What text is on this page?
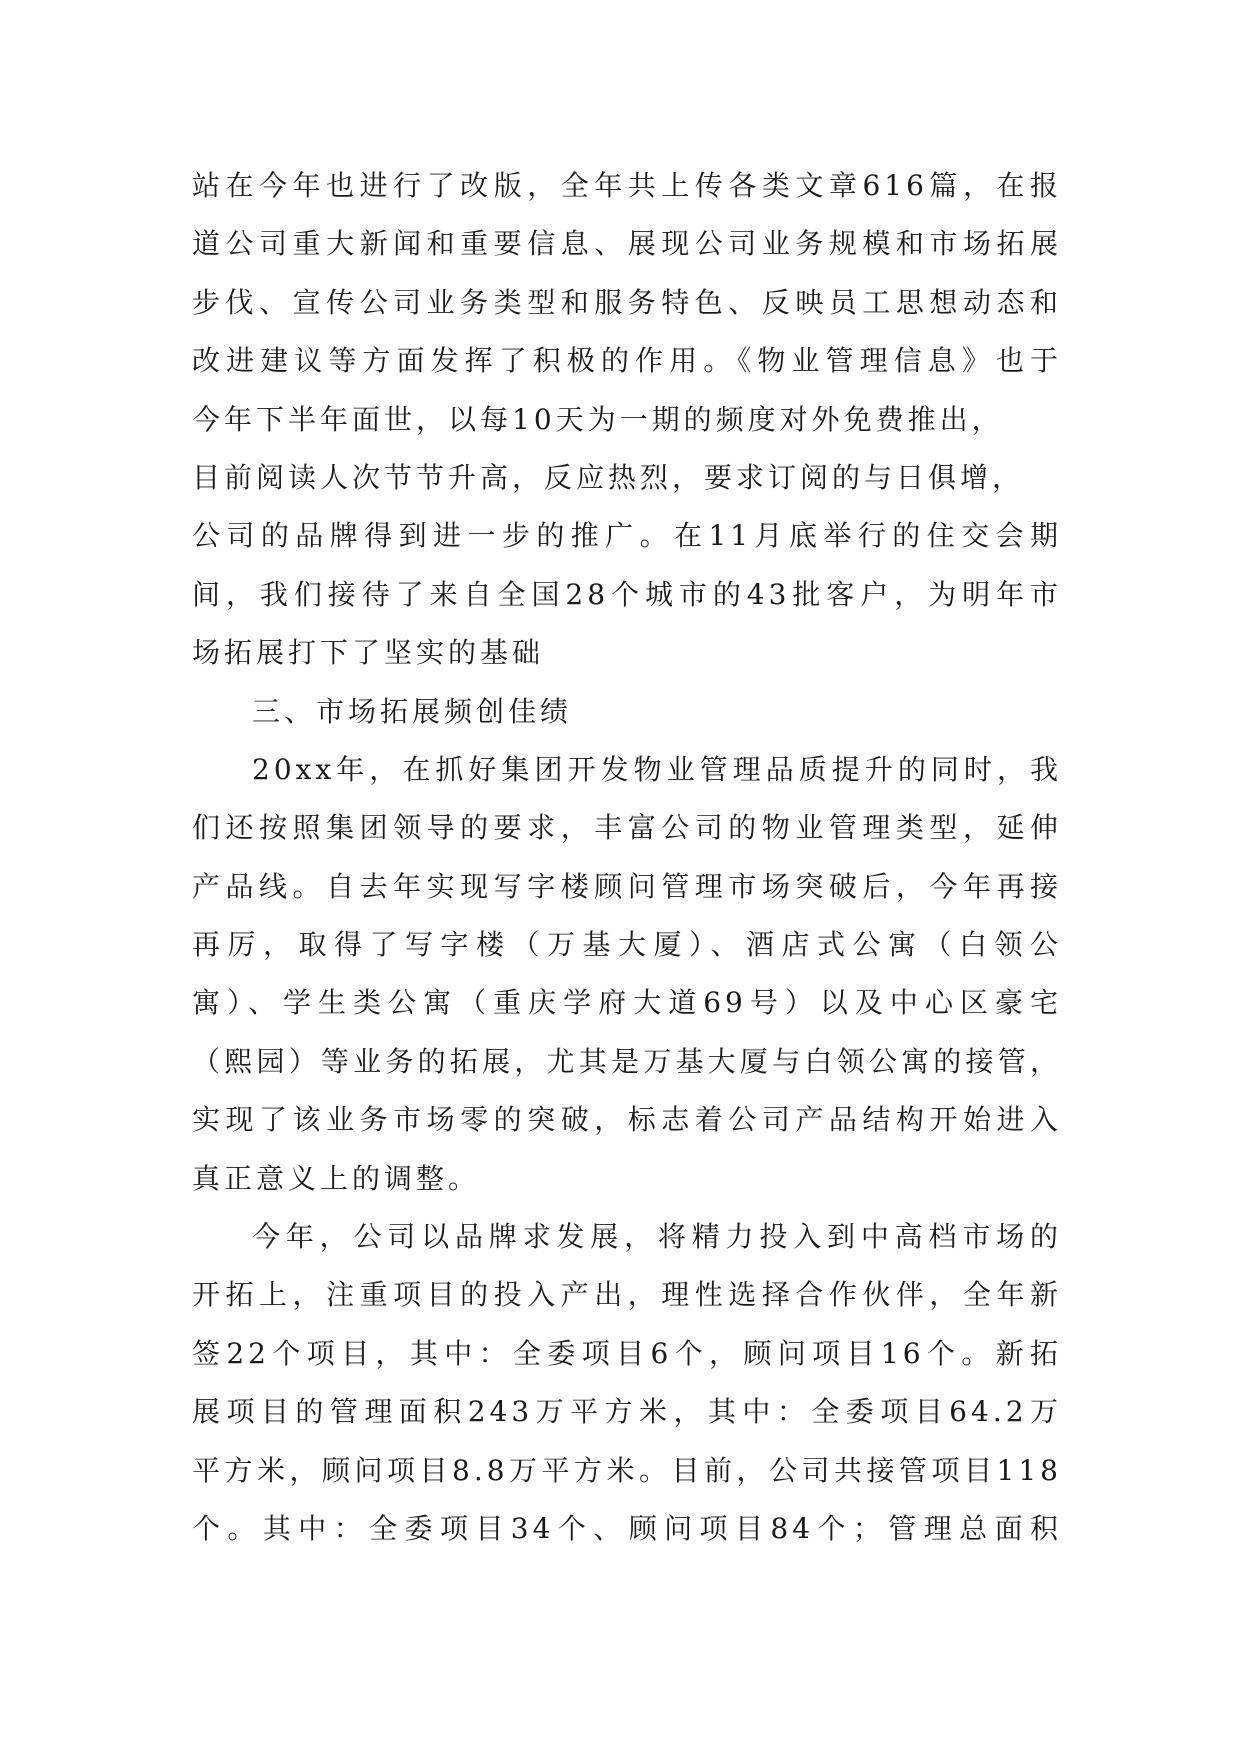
站在今年也进行了改版，全年共上传各类文章616篇，在报
道公司重大新闻和重要信息、展现公司业务规模和市场拓展
步伐、宣传公司业务类型和服务特色、反映员工思想动态和
改进建议等方面发挥了积极的作用。《物业管理信息》也于
今年下半年面世，以每10天为一期的频度对外免费推出，
目前阅读人次节节升高，反应热烈，要求订阅的与日俱增，
公司的品牌得到进一步的推广。在11月底举行的住交会期
间，我们接待了来自全国28个城市的43批客户，为明年市
场拓展打下了坚实的基础
三、市场拓展频创佳绩
20xx年，在抓好集团开发物业管理品质提升的同时，我
们还按照集团领导的要求，丰富公司的物业管理类型，延伸
产品线。自去年实现写字楼顾问管理市场突破后，今年再接
再厉，取得了写字楼（万基大厦）、酒店式公寓（白领公
寓）、学生类公寓（重庆学府大道69号）以及中心区豪宅
（熙园）等业务的拓展，尤其是万基大厦与白领公寓的接管，
实现了该业务市场零的突破，标志着公司产品结构开始进入
真正意义上的调整。
今年，公司以品牌求发展，将精力投入到中高档市场的
开拓上，注重项目的投入产出，理性选择合作伙伴，全年新
签22个项目，其中：全委项目6个，顾问项目16个。新拓
展项目的管理面积243万平方米，其中：全委项目64.2万
平方米，顾问项目8.8万平方米。目前，公司共接管项目118
个。其中：全委项目34个、顾问项目84个；管理总面积
